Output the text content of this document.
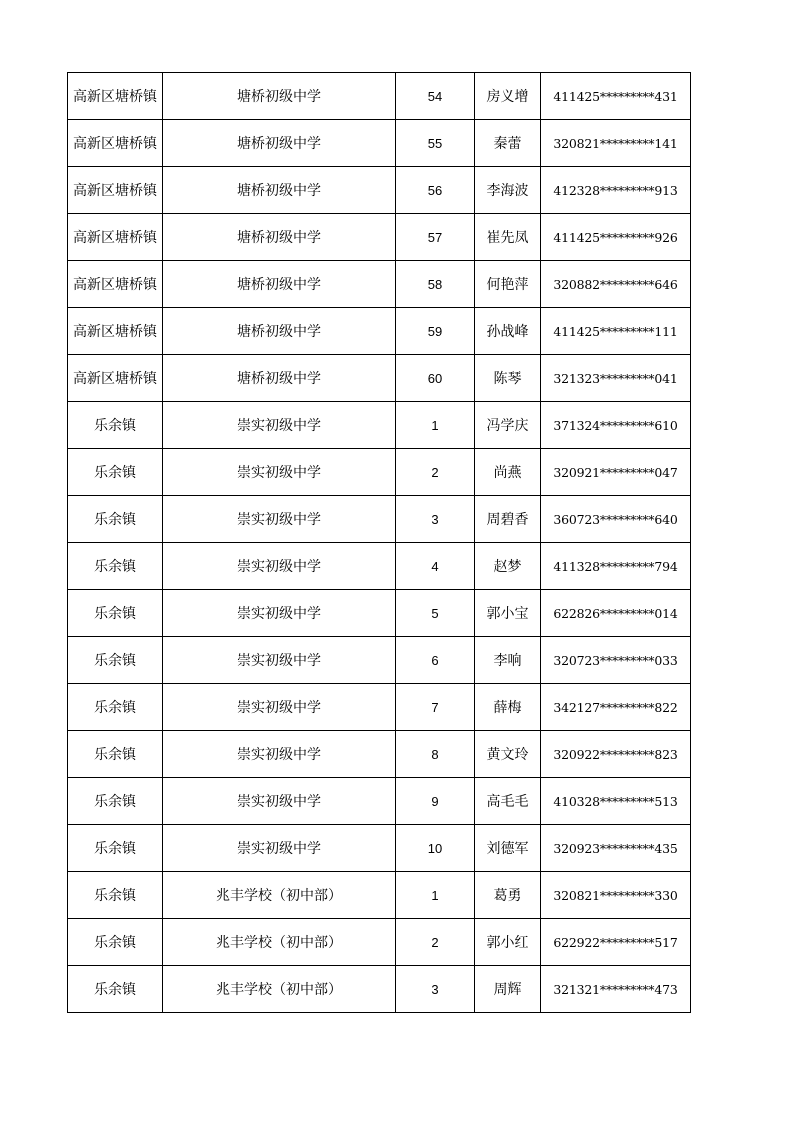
高新区塘桥镇	塘桥初级中学	54	房义增	411425*********431
高新区塘桥镇	塘桥初级中学	55	秦蕾	320821*********141
高新区塘桥镇	塘桥初级中学	56	李海波	412328*********913
高新区塘桥镇	塘桥初级中学	57	崔先凤	411425*********926
高新区塘桥镇	塘桥初级中学	58	何艳萍	320882*********646
高新区塘桥镇	塘桥初级中学	59	孙战峰	411425*********111
高新区塘桥镇	塘桥初级中学	60	陈琴	321323*********041
乐余镇	崇实初级中学	1	冯学庆	371324*********610
乐余镇	崇实初级中学	2	尚燕	320921*********047
乐余镇	崇实初级中学	3	周碧香	360723*********640
乐余镇	崇实初级中学	4	赵梦	411328*********794
乐余镇	崇实初级中学	5	郭小宝	622826*********014
乐余镇	崇实初级中学	6	李响	320723*********033
乐余镇	崇实初级中学	7	薛梅	342127*********822
乐余镇	崇实初级中学	8	黄文玲	320922*********823
乐余镇	崇实初级中学	9	高毛毛	410328*********513
乐余镇	崇实初级中学	10	刘德军	320923*********435
乐余镇	兆丰学校（初中部）	1	葛勇	320821*********330
乐余镇	兆丰学校（初中部）	2	郭小红	622922*********517
乐余镇	兆丰学校（初中部）	3	周辉	321321*********473
